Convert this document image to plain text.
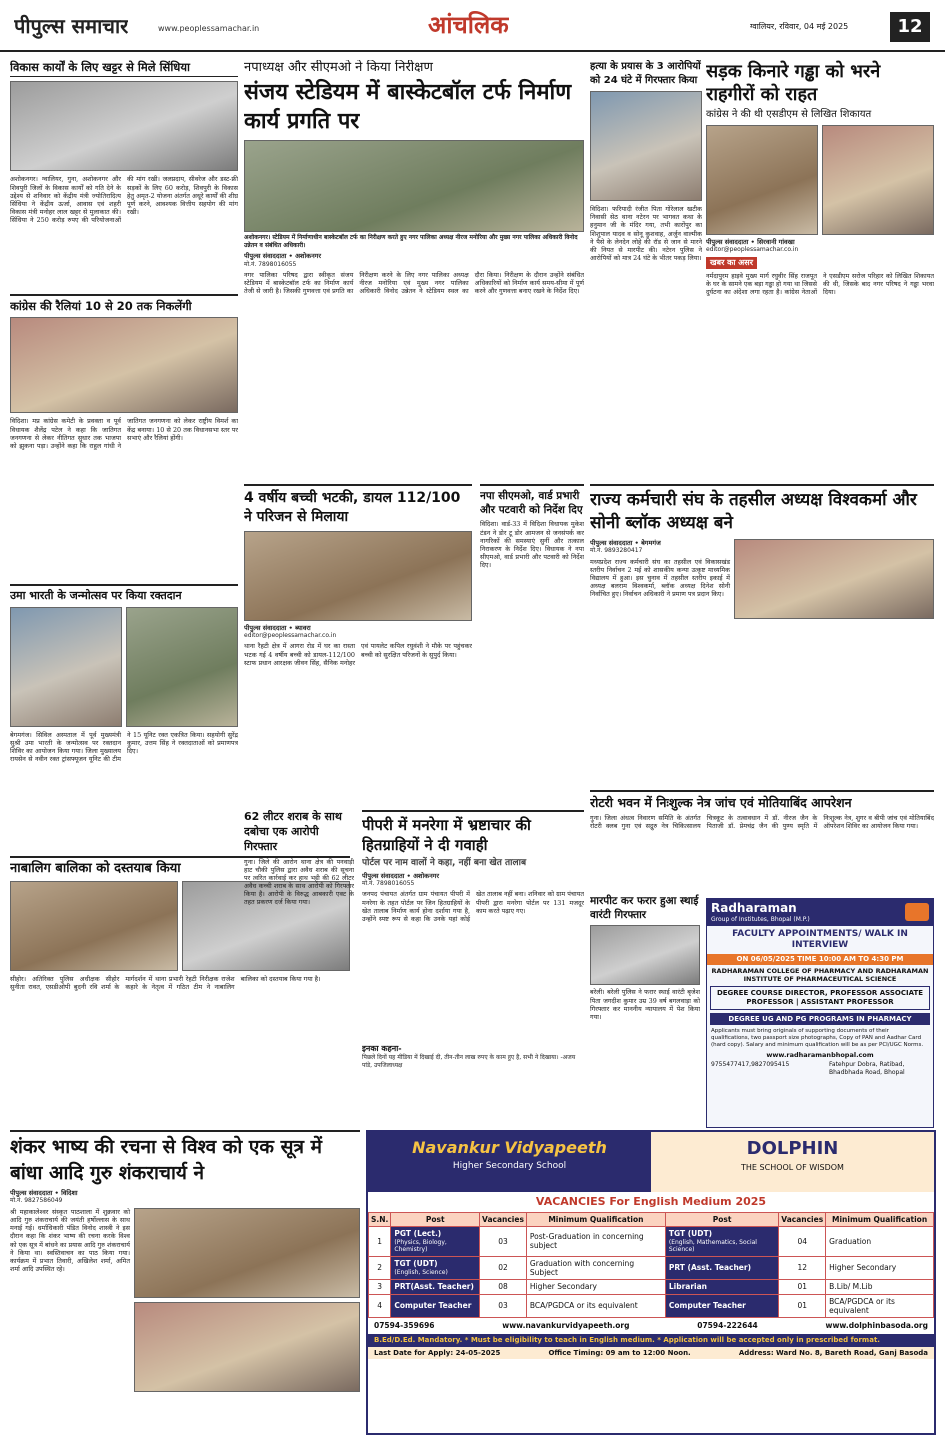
पीपुल्स समाचार	www.peoplessamachar.in	आंचलिक	ग्वालियर, रविवार, 04 मई 2025	12
विकास कार्यों के लिए खट्टर से मिले सिंधिया
अशोकनगर। ग्वालियर, गुना, अशोकनगर और शिवपुरी जिलों के विकास कार्यों को गति देने के उद्देश्य से शनिवार को केंद्रीय मंत्री ज्योतिरादित्य सिंधिया ने केंद्रीय ऊर्जा, आवास एवं शहरी विकास मंत्री मनोहर लाल खट्टर से मुलाकात की। सिंधिया ने 250 करोड़ रुपए की परियोजनाओं की मांग रखी। जलप्रदाय, सीवरेज और डस्ट-फ्री सड़कों के लिए 60 करोड़, शिवपुरी के विकास हेतु अमृत-2 योजना अंतर्गत अधूरे कार्यों की शीघ्र पूर्ण करने, आवश्यक वित्तीय सहयोग की मांग रखी।
कांग्रेस की रैलियां 10 से 20 तक निकलेंगी
विदिशा। मप्र कांग्रेस कमेटी के प्रवक्ता व पूर्व विधायक शैलेंद्र पटेल ने कहा कि जातिगत जनगणना से लेकर नीतिगत सुधार तक भाजपा को झुकना पड़ा। उन्होंने कहा कि राहुल गांधी ने जातिगत जनगणना को लेकर राष्ट्रीय विमर्श का केंद्र बनाया। 10 से 20 तक विधानसभा स्तर पर सभाएं और रैलियां होंगी।
उमा भारती के जन्मोत्सव पर किया रक्तदान
बेगमगंज। सिविल अस्पताल में पूर्व मुख्यमंत्री सुश्री उमा भारती के जन्मोत्सव पर रक्तदान शिविर का आयोजन किया गया। जिला मुख्यालय रायसेन से नवीन रक्त ट्रांसफ्यूजन यूनिट की टीम ने 15 यूनिट रक्त एकत्रित किया। सहयोगी सुरेंद्र कुमार, उत्तम सिंह ने रक्तदाताओं को प्रमाणपत्र दिए।
नाबालिग बालिका को दस्तयाब किया
सीहोर। अतिरिक्त पुलिस अधीक्षक सीहोर सुनीता रावत, एसडीओपी बुदनी रवि शर्मा के मार्गदर्शन में थाना प्रभारी रेहटी निरीक्षक राजेश कहारे के नेतृत्व में गठित टीम ने नाबालिग बालिका को दस्तयाब किया गया है।
नपाध्यक्ष और सीएमओ ने किया निरीक्षण
संजय स्टेडियम में बास्केटबॉल टर्फ निर्माण कार्य प्रगति पर
अशोकनगर। स्टेडियम में निर्माणाधीन बास्केटबॉल टर्फ का निरीक्षण करते हुए नगर पालिका अध्यक्ष नीरज मनोरिया और मुख्य नगर पालिका अधिकारी विनोद उन्नेतन व संबंधित अधिकारी।
पीपुल्स संवाददाता • अशोकनगर
मो.नं. 7898016055
नगर पालिका परिषद द्वारा स्वीकृत संजय स्टेडियम में बास्केटबॉल टर्फ का निर्माण कार्य तेजी से जारी है। जिसकी गुणवत्ता एवं प्रगति का निरीक्षण करने के लिए नगर पालिका अध्यक्ष नीरज मनोरिया एवं मुख्य नगर पालिका अधिकारी विनोद उन्नेतन ने स्टेडियम स्थल का दौरा किया। निरीक्षण के दौरान उन्होंने संबंधित अधिकारियों को निर्माण कार्य समय-सीमा में पूर्ण करने और गुणवत्ता बनाए रखने के निर्देश दिए।
4 वर्षीय बच्ची भटकी, डायल 112/100 ने परिजन से मिलाया
पीपुल्स संवाददाता • ब्यावरा
editor@peoplessamachar.co.in
थाना रैहटी क्षेत्र में आगरा रोड में घर का रास्ता भटक गई 4 वर्षीय बच्ची को डायल-112/100 स्टाफ प्रधान आरक्षक जीवन सिंह, सैनिक मनोहर एवं पायलेट कपिल रघुवंशी ने मौके पर पहुंचकर बच्ची को सुरक्षित परिजनों के सुपुर्द किया।
62 लीटर शराब के साथ दबोचा एक आरोपी गिरफ्तार
गुना। जिले की आरोन थाना क्षेत्र की पनवाड़ी हाट चौकी पुलिस द्वारा अवैध शराब की सूचना पर त्वरित कार्रवाई कर हाथ भट्टी की 62 लीटर अवैध कच्ची शराब के साथ आरोपी को गिरफ्तार किया है। आरोपी के विरुद्ध आबकारी एक्ट के तहत प्रकरण दर्ज किया गया।
हत्या के प्रयास के 3 आरोपियों को 24 घंटे में गिरफ्तार किया
विदिशा। फरियादी रंजीत पिता गोरेलाल खटीक निवासी सेठ थाना नटेरन पर भागवत कथा के हनुमान जी के मंदिर गया, तभी कारोंपुर का शिशुपाल यादव व सोनू कुशवाह, अर्जुन वाल्मीक ने पैसे के लेनदेन लोहे की रॉड से जान से मारने की नियत से मारपीट की। नटेरन पुलिस ने आरोपियों को मात्र 24 घंटे के भीतर पकड़ लिया।
नपा सीएमओ, वार्ड प्रभारी और पटवारी को निर्देश दिए
विदिशा। वार्ड-33 में विदिशा विधायक मुकेश टंडन ने डोर टू डोर आमजन से जनसंपर्क कर नागरिकों की समस्याएं सुनीं और तत्काल निराकरण के निर्देश दिए। विधायक ने नपा सीएमओ, वार्ड प्रभारी और पटवारी को निर्देश दिए।
सड़क किनारे गड्ढा को भरने राहगीरों को राहत
कांग्रेस ने की थी एसडीएम से लिखित शिकायत
पीपुल्स संवाददाता • सिरवानी गांवखा
editor@peoplessamachar.co.in
खबर का असर
नर्मदापुरम हाइवे मुख्य मार्ग रघुवीर सिंह राजपूत के घर के सामने एक बड़ा गड्ढा हो गया था जिससे दुर्घटना का अंदेशा लगा रहता है। कांग्रेस नेताओं ने एसडीएम सरोज परिहार को लिखित शिकायत की थी, जिसके बाद नगर परिषद ने गड्ढा भरवा दिया।
राज्य कर्मचारी संघ के तहसील अध्यक्ष विश्वकर्मा और सोनी ब्लॉक अध्यक्ष बने
पीपुल्स संवाददाता • बेगमगंज
मो.नं. 9893280417
मध्यप्रदेश राज्य कर्मचारी संघ का तहसील एवं विकासखंड स्तरीय निर्वाचन 2 मई को शासकीय कन्या उत्कृष्ट माध्यमिक विद्यालय में हुआ। इस चुनाव में तहसील स्तरीय इकाई में अध्यक्ष बलराम विश्वकर्मा, ब्लॉक अध्यक्ष दिनेश सोनी निर्वाचित हुए। निर्वाचन अधिकारी ने प्रमाण पत्र प्रदान किए।
पीपरी में मनरेगा में भ्रष्टाचार की हितग्राहियों ने दी गवाही
पोर्टल पर नाम वालों ने कहा, नहीं बना खेत तालाब
पीपुल्स संवाददाता • अशोकनगर
मो.नं. 7898016055
जनपद पंचायत अंतर्गत ग्राम पंचायत पीपरी में मनरेगा के तहत पोर्टल पर जिन हितग्राहियों के खेत तालाब निर्माण कार्य होना दर्शाया गया है, उन्होंने स्पष्ट रूप से कहा कि उनके यहां कोई खेत तालाब नहीं बना। शनिवार को ग्राम पंचायत पीपरी द्वारा मनरेगा पोर्टल पर 131 मजदूर काम करते पढ़ाए गए।
इनका कहना-
पिछले दिनों यह मीडिया में दिखाई दी, तीन-तीन लाख रुपए के काम हुए है, सभी ने दिखाया। -अजय पांडे, उपजिलाध्यक्ष
रोटरी भवन में निःशुल्क नेत्र जांच एवं मोतियाबिंद आपरेशन
गुना। जिला अंधत्व निवारण समिति के अंतर्गत रोटरी क्लब गुना एवं सद्गुरु नेत्र चिकित्सालय चित्रकूट के तत्वावधान में डॉ. नीरज जैन के पिताजी डॉ. प्रेमचंद्र जैन की पुण्य स्मृति में निःशुल्क नेत्र, शुगर व बीपी जांच एवं मोतियाबिंद ऑपरेशन शिविर का आयोजन किया गया।
मारपीट कर फरार हुआ स्थाई वारंटी गिरफ्तार
बरेली। बरेली पुलिस ने फरार स्थाई वारंटी बृजेश पिता जगदीश कुमार उम्र 39 वर्ष बगलवाड़ा को गिरफ्तार कर माननीय न्यायालय में पेश किया गया।
Radharaman
Group of Institutes, Bhopal (M.P.)
FACULTY APPOINTMENTS/ WALK IN INTERVIEW
ON 06/05/2025 TIME 10:00 AM TO 4:30 PM
RADHARAMAN COLLEGE OF PHARMACY AND RADHARAMAN INSTITUTE OF PHARMACEUTICAL SCIENCE
DEGREE COURSE DIRECTOR, PROFESSOR ASSOCIATE PROFESSOR | ASSISTANT PROFESSOR
DEGREE UG AND PG PROGRAMS IN PHARMACY
Applicants must bring originals of supporting documents of their qualifications, two passport size photographs, Copy of PAN and Aadhar Card (hard copy). Salary and minimum qualification will be as per PCI/UGC Norms.
www.radharamanbhopal.com
9755477417,9827095415	Fatehpur Dobra, Ratibad, Bhadbhada Road, Bhopal
शंकर भाष्य की रचना से विश्व को एक सूत्र में बांधा आदि गुरु शंकराचार्य ने
पीपुल्स संवाददाता • विदिशा
मो.नं. 9827586049
श्री महाकालेश्वर संस्कृत पाठशाला में शुक्रवार को आदि गुरु शंकराचार्य की जयंती हर्षोल्लास के साथ मनाई गई। धर्माधिकारी पंडित विनोद शास्त्री ने इस दौरान कहा कि शंकर भाष्य की रचना करके विश्व को एक सूत्र में बांधने का प्रयास आदि गुरु शंकराचार्य ने किया था। स्वस्तिवाचन का पाठ किया गया। कार्यक्रम में प्रभात तिवारी, अखिलेश शर्मा, अमित शर्मा आदि उपस्थित रहे।
Navankur Vidyapeeth
Higher Secondary School
DOLPHIN
THE SCHOOL OF WISDOM
VACANCIES For English Medium 2025
S.N.	Post	Vacancies	Minimum Qualification	Post	Vacancies	Minimum Qualification
1	PGT (Lect.)
(Physics, Biology, Chemistry)	03	Post-Graduation in concerning subject	TGT (UDT)
(English, Mathematics, Social Science)	04	Graduation
2	TGT (UDT)
(English, Science)	02	Graduation with concerning Subject	PRT (Asst. Teacher)	12	Higher Secondary
3	PRT(Asst. Teacher)	08	Higher Secondary	Librarian	01	B.Lib/ M.Lib
4	Computer Teacher	03	BCA/PGDCA or its equivalent	Computer Teacher	01	BCA/PGDCA or its equivalent
07594-359696	www.navankurvidyapeeth.org	07594-222644	www.dolphinbasoda.org
B.Ed/D.Ed. Mandatory. * Must be eligibility to teach in English medium. * Application will be accepted only in prescribed format.
Last Date for Apply: 24-05-2025	Office Timing: 09 am to 12:00 Noon.	Address: Ward No. 8, Bareth Road, Ganj Basoda
